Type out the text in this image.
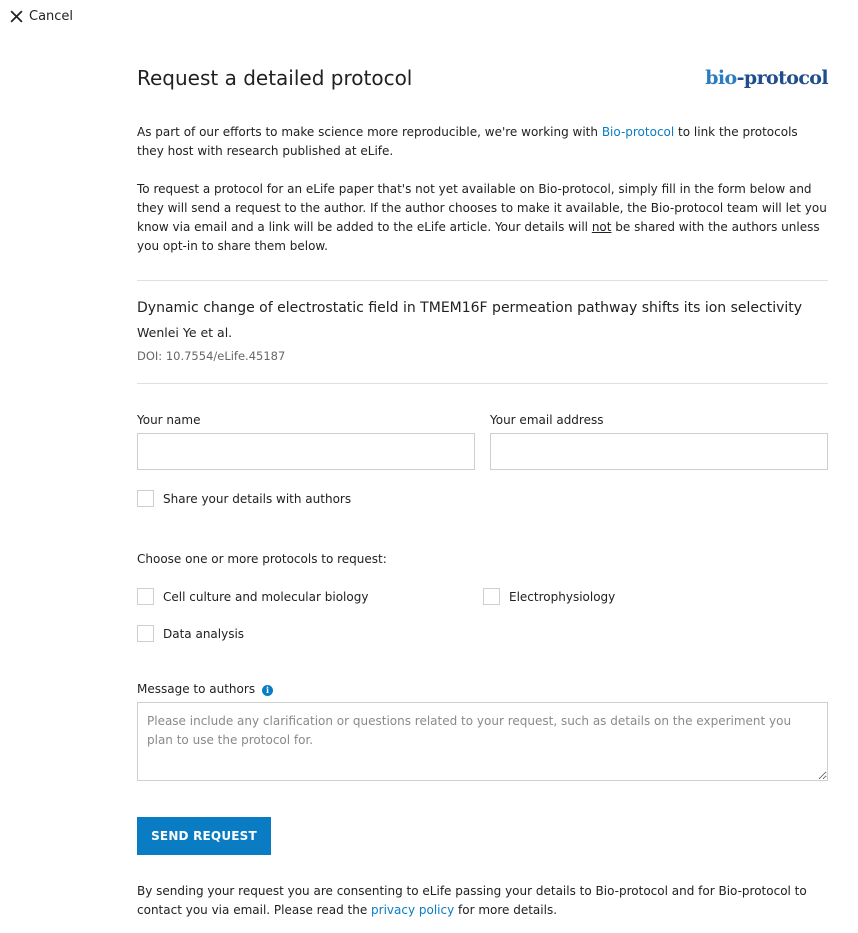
Cancel
Request a detailed protocol	bio-protocol

As part of our efforts to make science more reproducible, we're working with Bio-protocol to link the protocols they host with research published at eLife.

To request a protocol for an eLife paper that's not yet available on Bio-protocol, simply fill in the form below and they will send a request to the author. If the author chooses to make it available, the Bio-protocol team will let you know via email and a link will be added to the eLife article. Your details will not be shared with the authors unless you opt-in to share them below.

Dynamic change of electrostatic field in TMEM16F permeation pathway shifts its ion selectivity
Wenlei Ye et al.
DOI: 10.7554/eLife.45187
Your name	Your email address
Share your details with authors
Choose one or more protocols to request:
Cell culture and molecular biology	Electrophysiology
Data analysis
Message to authors i
Please include any clarification or questions related to your request, such as details on the experiment you plan to use the protocol for.
SEND REQUEST
By sending your request you are consenting to eLife passing your details to Bio-protocol and for Bio-protocol to contact you via email. Please read the privacy policy for more details.
